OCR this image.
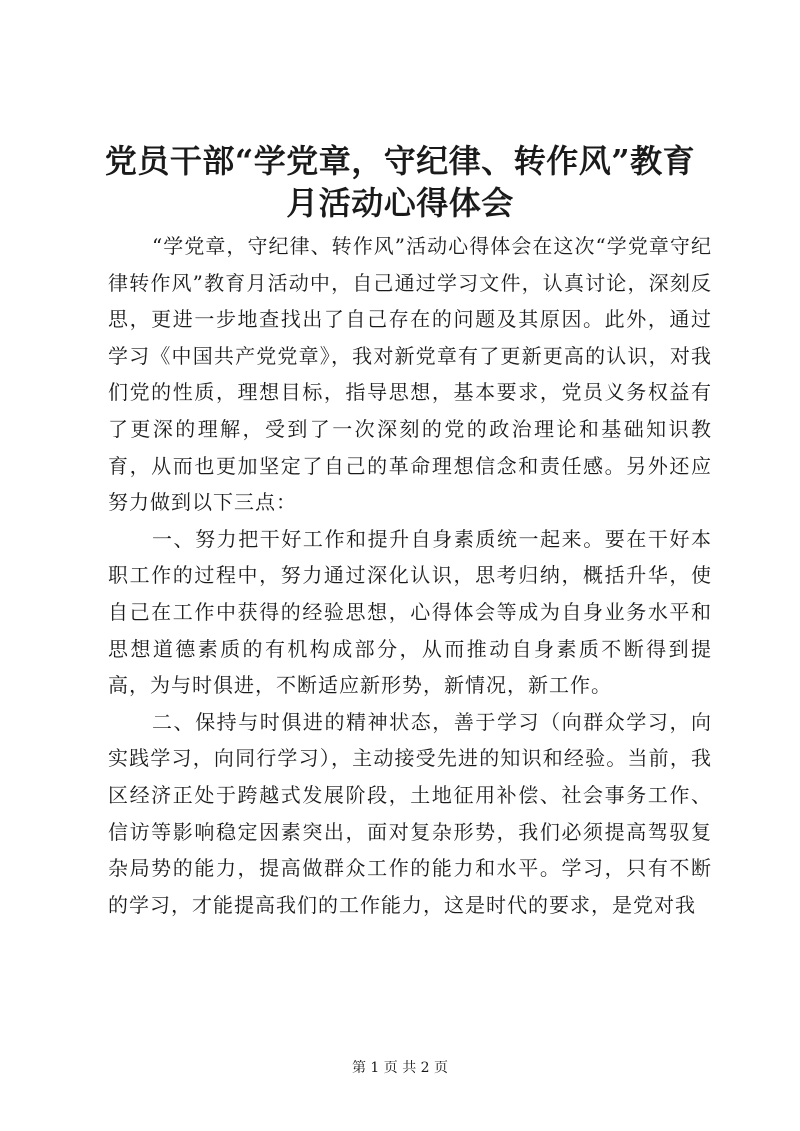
党员干部“学党章，守纪律、转作风”教育月活动心得体会

“学党章，守纪律、转作风”活动心得体会在这次“学党章守纪律转作风”教育月活动中，自己通过学习文件，认真讨论，深刻反思，更进一步地查找出了自己存在的问题及其原因。此外，通过学习《中国共产党党章》，我对新党章有了更新更高的认识，对我们党的性质，理想目标，指导思想，基本要求，党员义务权益有了更深的理解，受到了一次深刻的党的政治理论和基础知识教育，从而也更加坚定了自己的革命理想信念和责任感。另外还应努力做到以下三点：

一、努力把干好工作和提升自身素质统一起来。要在干好本职工作的过程中，努力通过深化认识，思考归纳，概括升华，使自己在工作中获得的经验思想，心得体会等成为自身业务水平和思想道德素质的有机构成部分，从而推动自身素质不断得到提高，为与时俱进，不断适应新形势，新情况，新工作。

二、保持与时俱进的精神状态，善于学习（向群众学习，向实践学习，向同行学习），主动接受先进的知识和经验。当前，我区经济正处于跨越式发展阶段，土地征用补偿、社会事务工作、信访等影响稳定因素突出，面对复杂形势，我们必须提高驾驭复杂局势的能力，提高做群众工作的能力和水平。学习，只有不断的学习，才能提高我们的工作能力，这是时代的要求，是党对我

第 1 页 共 2 页
